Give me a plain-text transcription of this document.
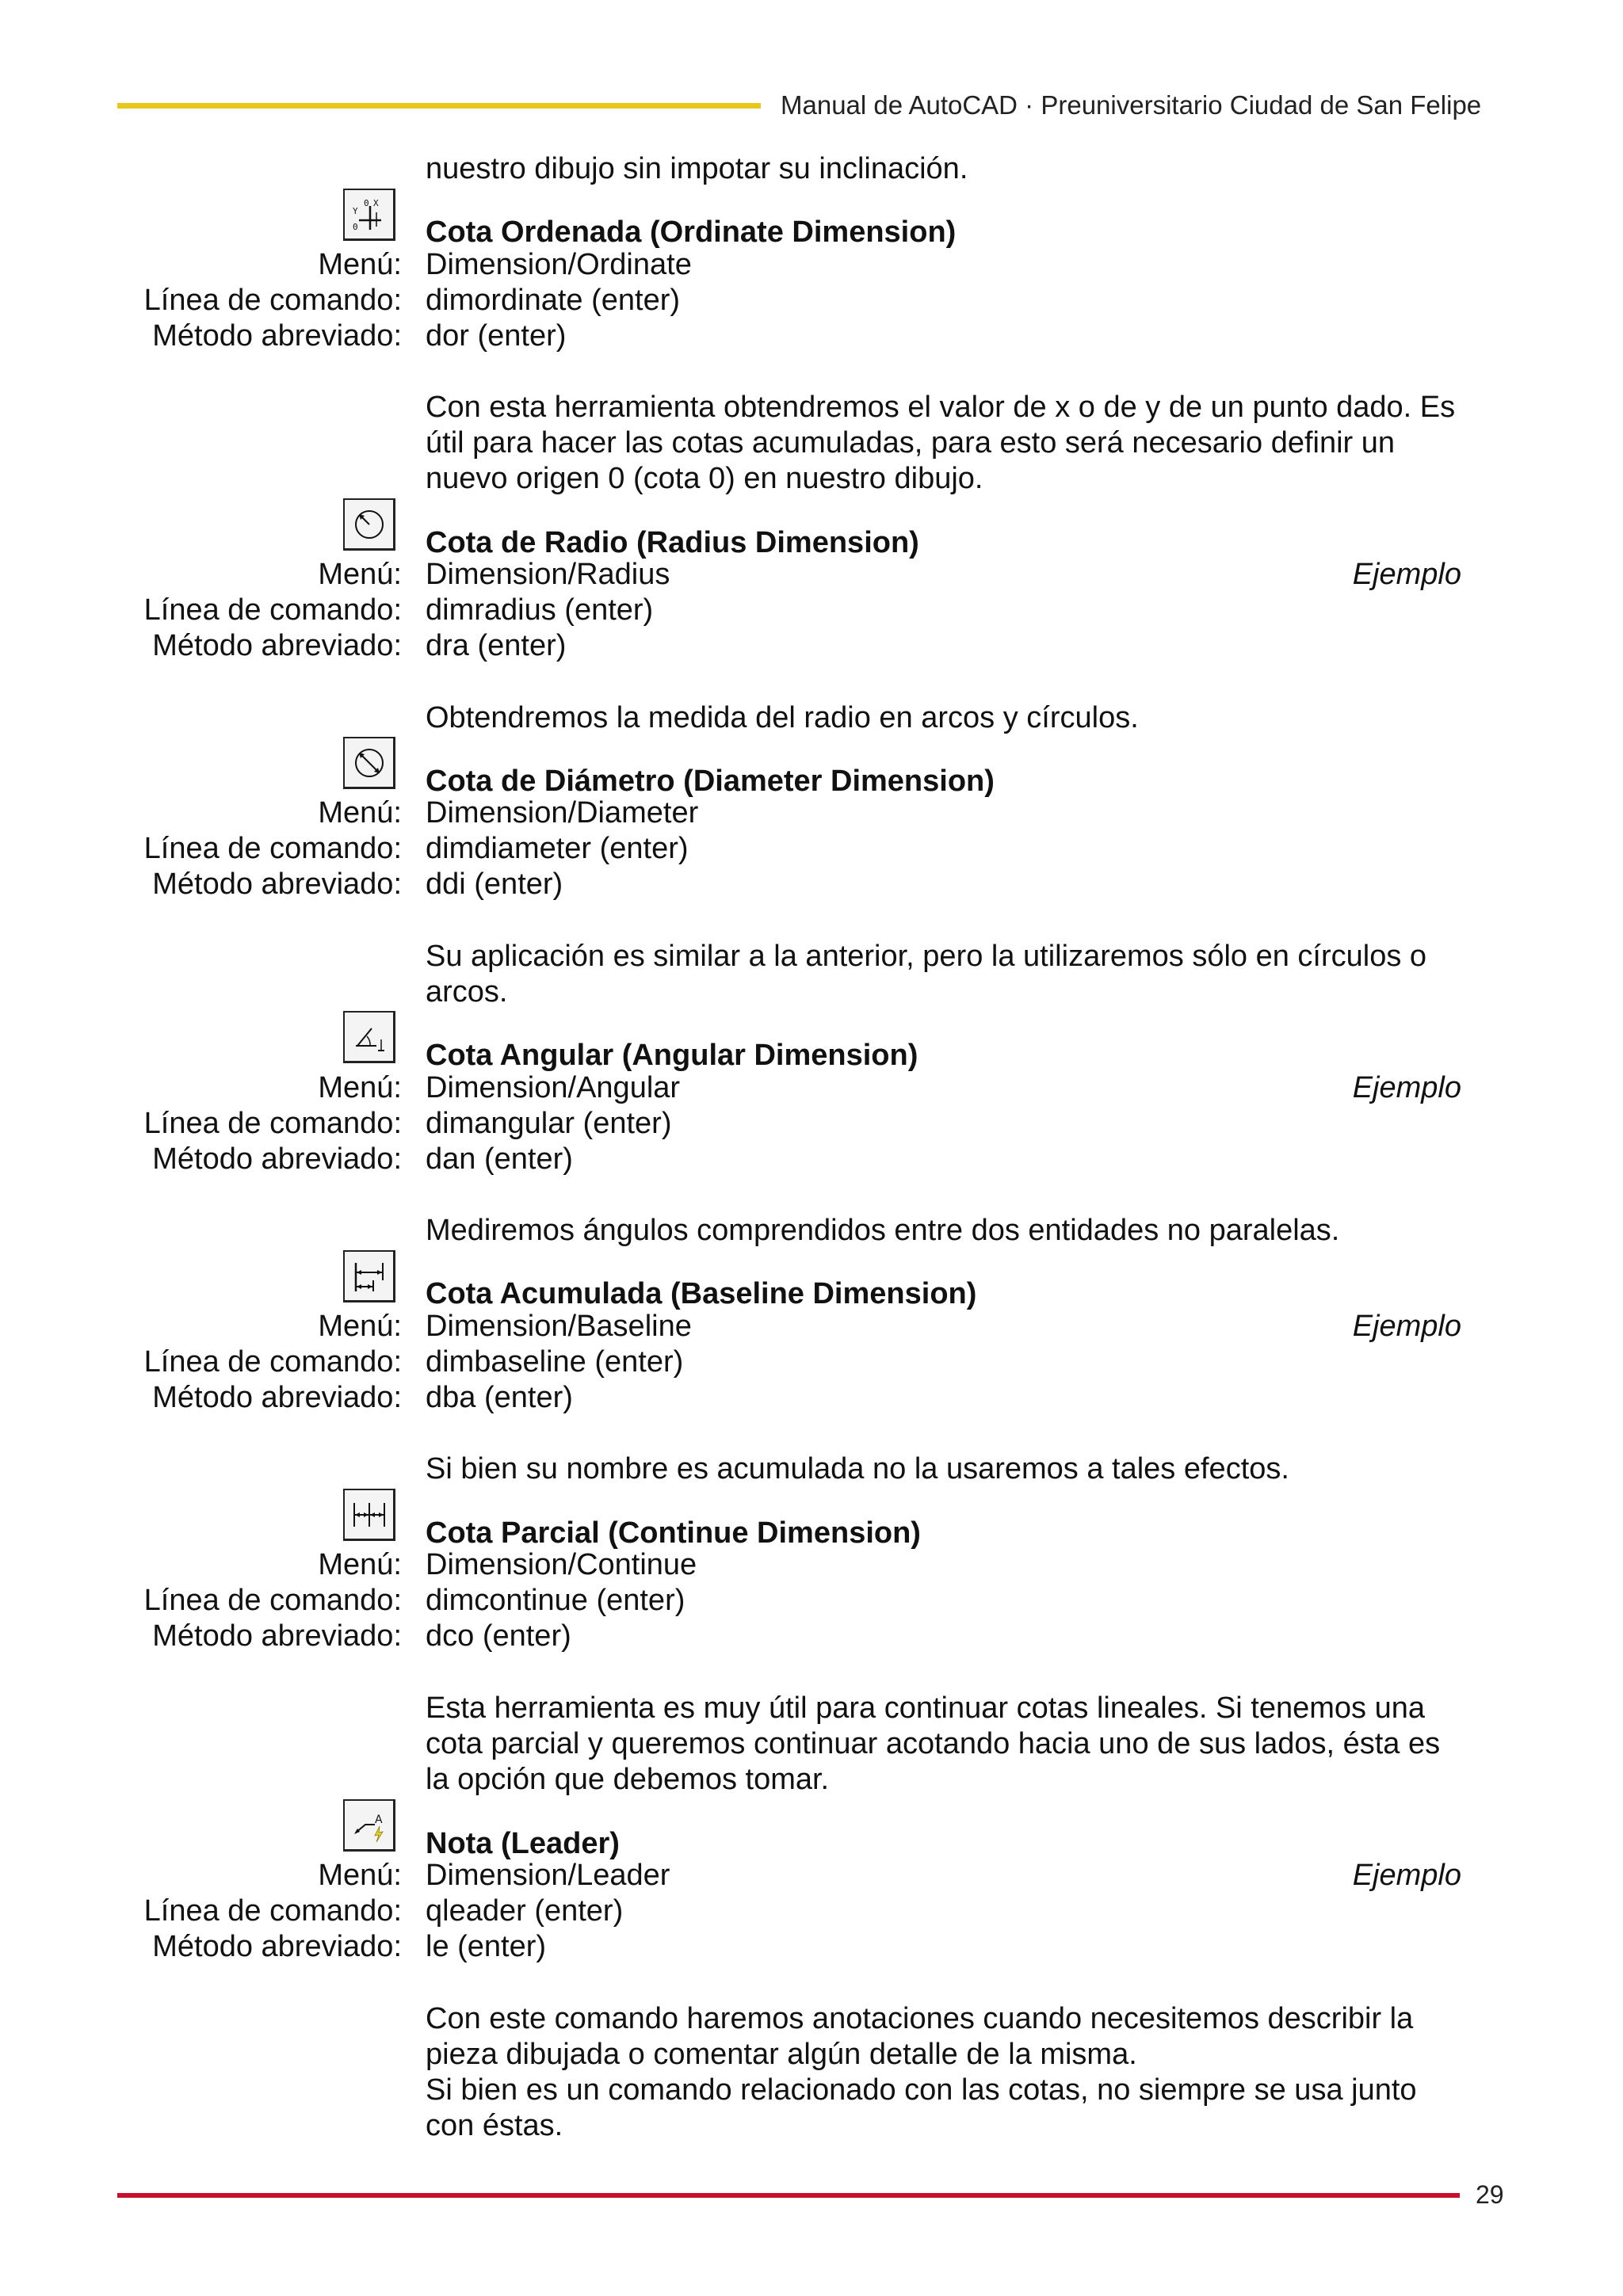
Manual de AutoCAD · Preuniversitario Ciudad de San Felipe
nuestro dibujo sin impotar su inclinación.
Y
X
0
0
Cota Ordenada (Ordinate Dimension)
Menú: Dimension/Ordinate
Línea de comando: dimordinate (enter)
Método abreviado: dor (enter)
Con esta herramienta obtendremos el valor de x o de y de un punto dado. Es
útil para hacer las cotas acumuladas, para esto será necesario definir un
nuevo origen 0 (cota 0) en nuestro dibujo.
Cota de Radio (Radius Dimension)
Menú: Dimension/Radius	Ejemplo
Línea de comando: dimradius (enter)
Método abreviado: dra (enter)
Obtendremos la medida del radio en arcos y círculos.
Cota de Diámetro (Diameter Dimension)
Menú: Dimension/Diameter
Línea de comando: dimdiameter (enter)
Método abreviado: ddi (enter)
Su aplicación es similar a la anterior, pero la utilizaremos sólo en círculos o
arcos.
Cota Angular (Angular Dimension)
Menú: Dimension/Angular	Ejemplo
Línea de comando: dimangular (enter)
Método abreviado: dan (enter)
Mediremos ángulos comprendidos entre dos entidades no paralelas.
Cota Acumulada (Baseline Dimension)
Menú: Dimension/Baseline	Ejemplo
Línea de comando: dimbaseline (enter)
Método abreviado: dba (enter)
Si bien su nombre es acumulada no la usaremos a tales efectos.
Cota Parcial (Continue Dimension)
Menú: Dimension/Continue
Línea de comando: dimcontinue (enter)
Método abreviado: dco (enter)
Esta herramienta es muy útil para continuar cotas lineales. Si tenemos una
cota parcial y queremos continuar acotando hacia uno de sus lados, ésta es
la opción que debemos tomar.
A
Nota (Leader)
Menú: Dimension/Leader	Ejemplo
Línea de comando: qleader (enter)
Método abreviado: le (enter)
Con este comando haremos anotaciones cuando necesitemos describir la
pieza dibujada o comentar algún detalle de la misma.
Si bien es un comando relacionado con las cotas, no siempre se usa junto
con éstas.
29
